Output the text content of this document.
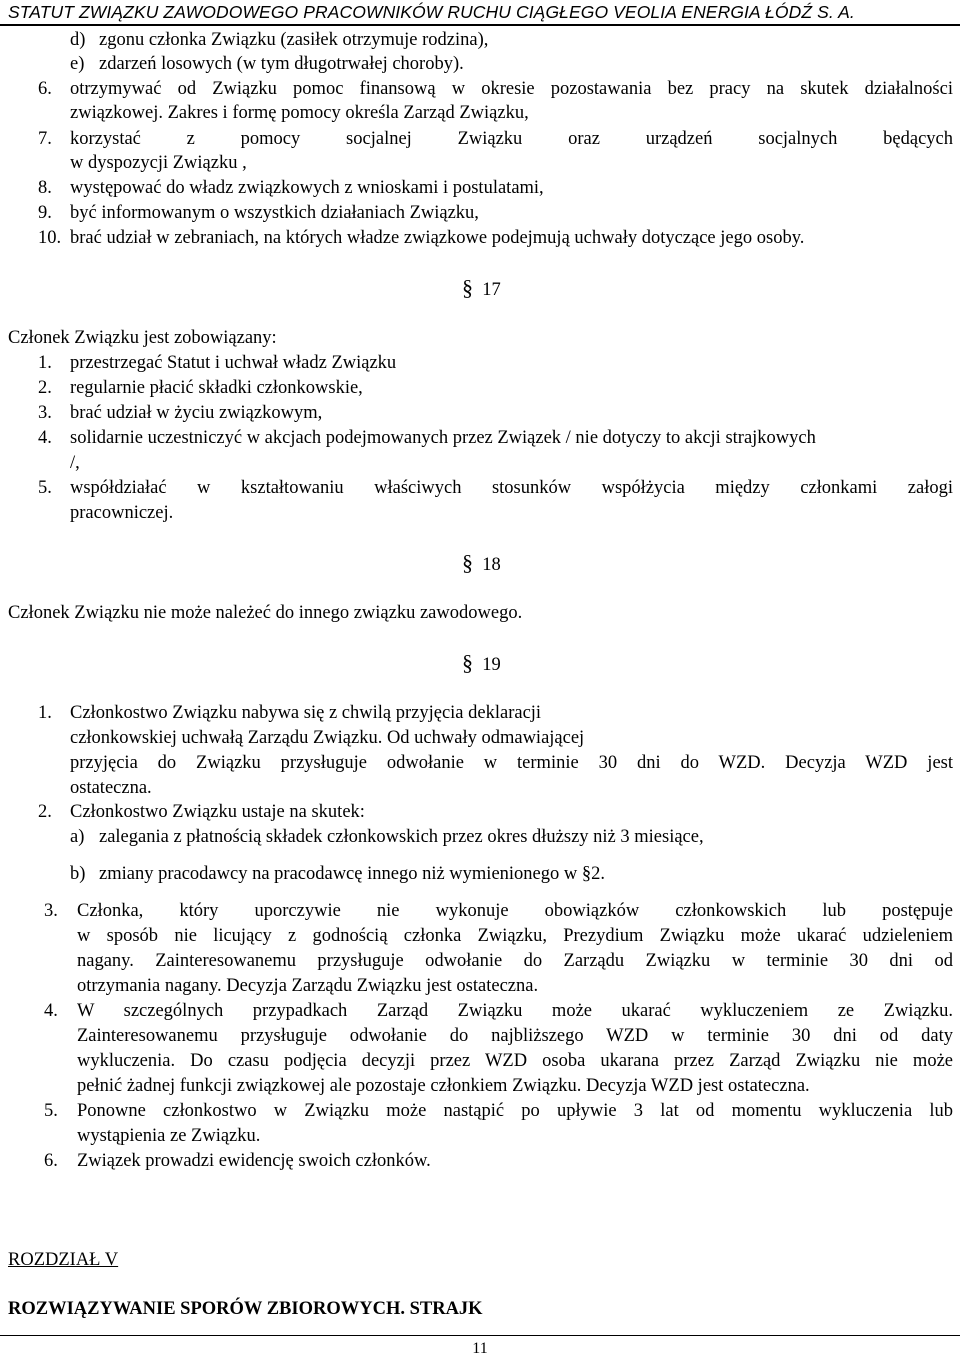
STATUT ZWIĄZKU ZAWODOWEGO PRACOWNIKÓW RUCHU CIĄGŁEGO VEOLIA ENERGIA ŁÓDŹ S. A.
d) zgonu członka Związku (zasiłek otrzymuje rodzina),
e) zdarzeń losowych (w tym długotrwałej choroby).
6. otrzymywać od Związku pomoc finansową w okresie pozostawania bez pracy na skutek działalności
związkowej. Zakres i formę pomocy określa Zarząd Związku,
7. korzystać z pomocy socjalnej Związku oraz urządzeń socjalnych będących
w dyspozycji Związku ,
8. występować do władz związkowych z wnioskami i postulatami,
9. być informowanym o wszystkich działaniach Związku,
10. brać udział w zebraniach, na których władze związkowe podejmują uchwały dotyczące jego osoby.
§ 17
Członek Związku jest zobowiązany:
1. przestrzegać Statut i uchwał władz Związku
2. regularnie płacić składki członkowskie,
3. brać udział w życiu związkowym,
4. solidarnie uczestniczyć w akcjach podejmowanych przez Związek / nie dotyczy to akcji strajkowych
/,
5. współdziałać w kształtowaniu właściwych stosunków współżycia między członkami załogi
pracowniczej.
§ 18
Członek Związku nie może należeć do innego związku zawodowego.
§ 19
1. Członkostwo Związku nabywa się z chwilą przyjęcia deklaracji
członkowskiej uchwałą Zarządu Związku. Od uchwały odmawiającej
przyjęcia do Związku przysługuje odwołanie w terminie 30 dni do WZD. Decyzja WZD jest
ostateczna.
2. Członkostwo Związku ustaje na skutek:
a) zalegania z płatnością składek członkowskich przez okres dłuższy niż 3 miesiące,
b) zmiany pracodawcy na pracodawcę innego niż wymienionego w §2.
3. Członka, który uporczywie nie wykonuje obowiązków członkowskich lub postępuje
w sposób nie licujący z godnością członka Związku, Prezydium Związku może ukarać udzieleniem
nagany. Zainteresowanemu przysługuje odwołanie do Zarządu Związku w terminie 30 dni od
otrzymania nagany. Decyzja Zarządu Związku jest ostateczna.
4. W szczególnych przypadkach Zarząd Związku może ukarać wykluczeniem ze Związku.
Zainteresowanemu przysługuje odwołanie do najbliższego WZD w terminie 30 dni od daty
wykluczenia. Do czasu podjęcia decyzji przez WZD osoba ukarana przez Zarząd Związku nie może
pełnić żadnej funkcji związkowej ale pozostaje członkiem Związku. Decyzja WZD jest ostateczna.
5. Ponowne członkostwo w Związku może nastąpić po upływie 3 lat od momentu wykluczenia lub
wystąpienia ze Związku.
6. Związek prowadzi ewidencję swoich członków.
ROZDZIAŁ V
ROZWIĄZYWANIE SPORÓW ZBIOROWYCH. STRAJK
11
